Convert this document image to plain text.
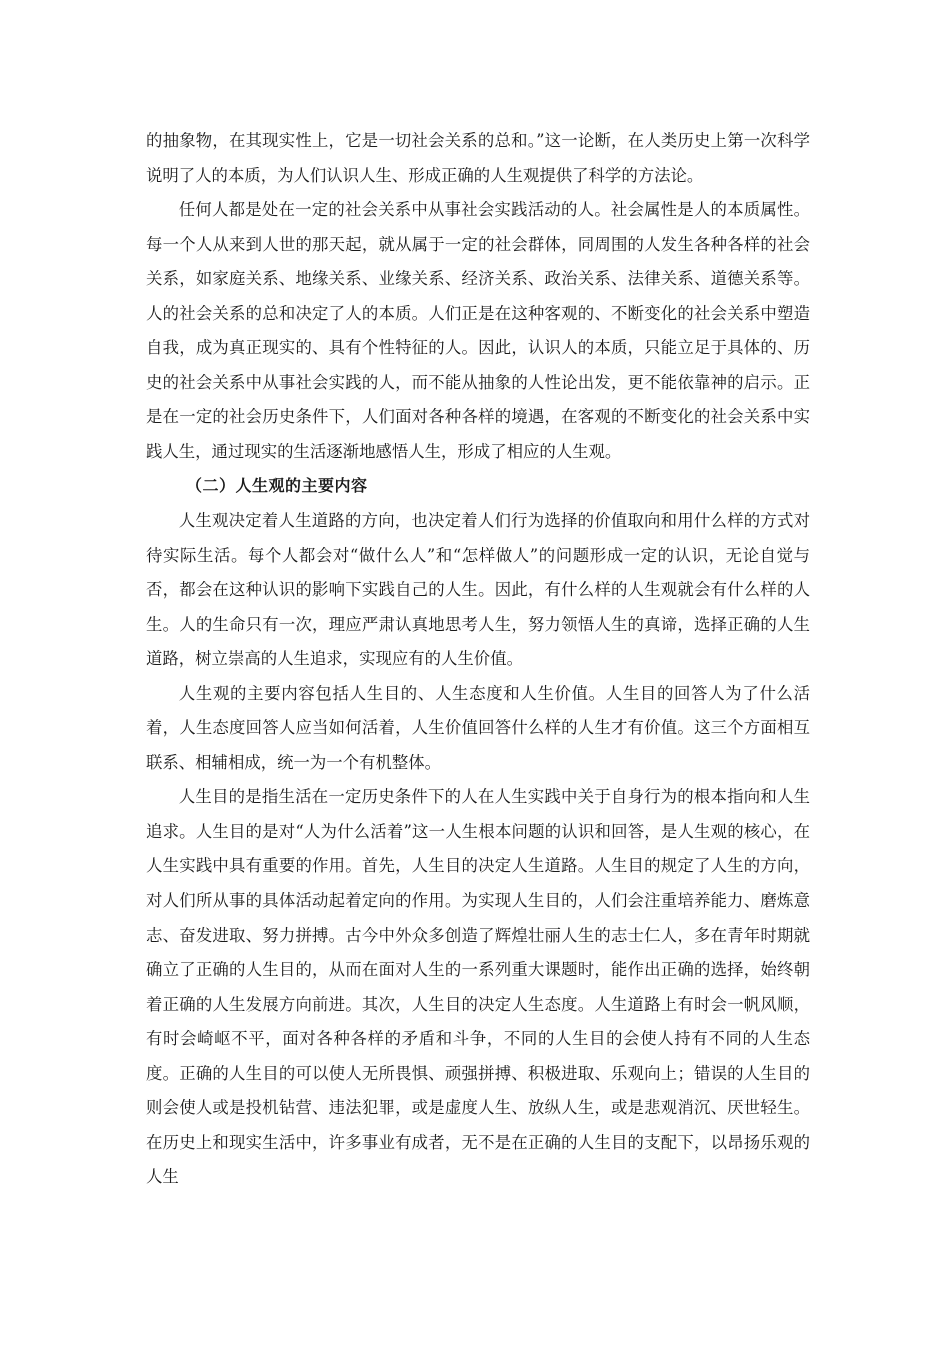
的抽象物，在其现实性上，它是一切社会关系的总和。”这一论断，在人类历史上第一次科学说明了人的本质，为人们认识人生、形成正确的人生观提供了科学的方法论。

任何人都是处在一定的社会关系中从事社会实践活动的人。社会属性是人的本质属性。每一个人从来到人世的那天起，就从属于一定的社会群体，同周围的人发生各种各样的社会关系，如家庭关系、地缘关系、业缘关系、经济关系、政治关系、法律关系、道德关系等。人的社会关系的总和决定了人的本质。人们正是在这种客观的、不断变化的社会关系中塑造自我，成为真正现实的、具有个性特征的人。因此，认识人的本质，只能立足于具体的、历史的社会关系中从事社会实践的人，而不能从抽象的人性论出发，更不能依靠神的启示。正是在一定的社会历史条件下，人们面对各种各样的境遇，在客观的不断变化的社会关系中实践人生，通过现实的生活逐渐地感悟人生，形成了相应的人生观。

（二）人生观的主要内容

人生观决定着人生道路的方向，也决定着人们行为选择的价值取向和用什么样的方式对待实际生活。每个人都会对“做什么人”和“怎样做人”的问题形成一定的认识，无论自觉与否，都会在这种认识的影响下实践自己的人生。因此，有什么样的人生观就会有什么样的人生。人的生命只有一次，理应严肃认真地思考人生，努力领悟人生的真谛，选择正确的人生道路，树立崇高的人生追求，实现应有的人生价值。

人生观的主要内容包括人生目的、人生态度和人生价值。人生目的回答人为了什么活着，人生态度回答人应当如何活着，人生价值回答什么样的人生才有价值。这三个方面相互联系、相辅相成，统一为一个有机整体。

人生目的是指生活在一定历史条件下的人在人生实践中关于自身行为的根本指向和人生追求。人生目的是对“人为什么活着”这一人生根本问题的认识和回答，是人生观的核心，在人生实践中具有重要的作用。首先，人生目的决定人生道路。人生目的规定了人生的方向，对人们所从事的具体活动起着定向的作用。为实现人生目的，人们会注重培养能力、磨炼意志、奋发进取、努力拼搏。古今中外众多创造了辉煌壮丽人生的志士仁人，多在青年时期就确立了正确的人生目的，从而在面对人生的一系列重大课题时，能作出正确的选择，始终朝着正确的人生发展方向前进。其次，人生目的决定人生态度。人生道路上有时会一帆风顺，有时会崎岖不平，面对各种各样的矛盾和斗争，不同的人生目的会使人持有不同的人生态度。正确的人生目的可以使人无所畏惧、顽强拼搏、积极进取、乐观向上；错误的人生目的则会使人或是投机钻营、违法犯罪，或是虚度人生、放纵人生，或是悲观消沉、厌世轻生。在历史上和现实生活中，许多事业有成者，无不是在正确的人生目的支配下，以昂扬乐观的人生
